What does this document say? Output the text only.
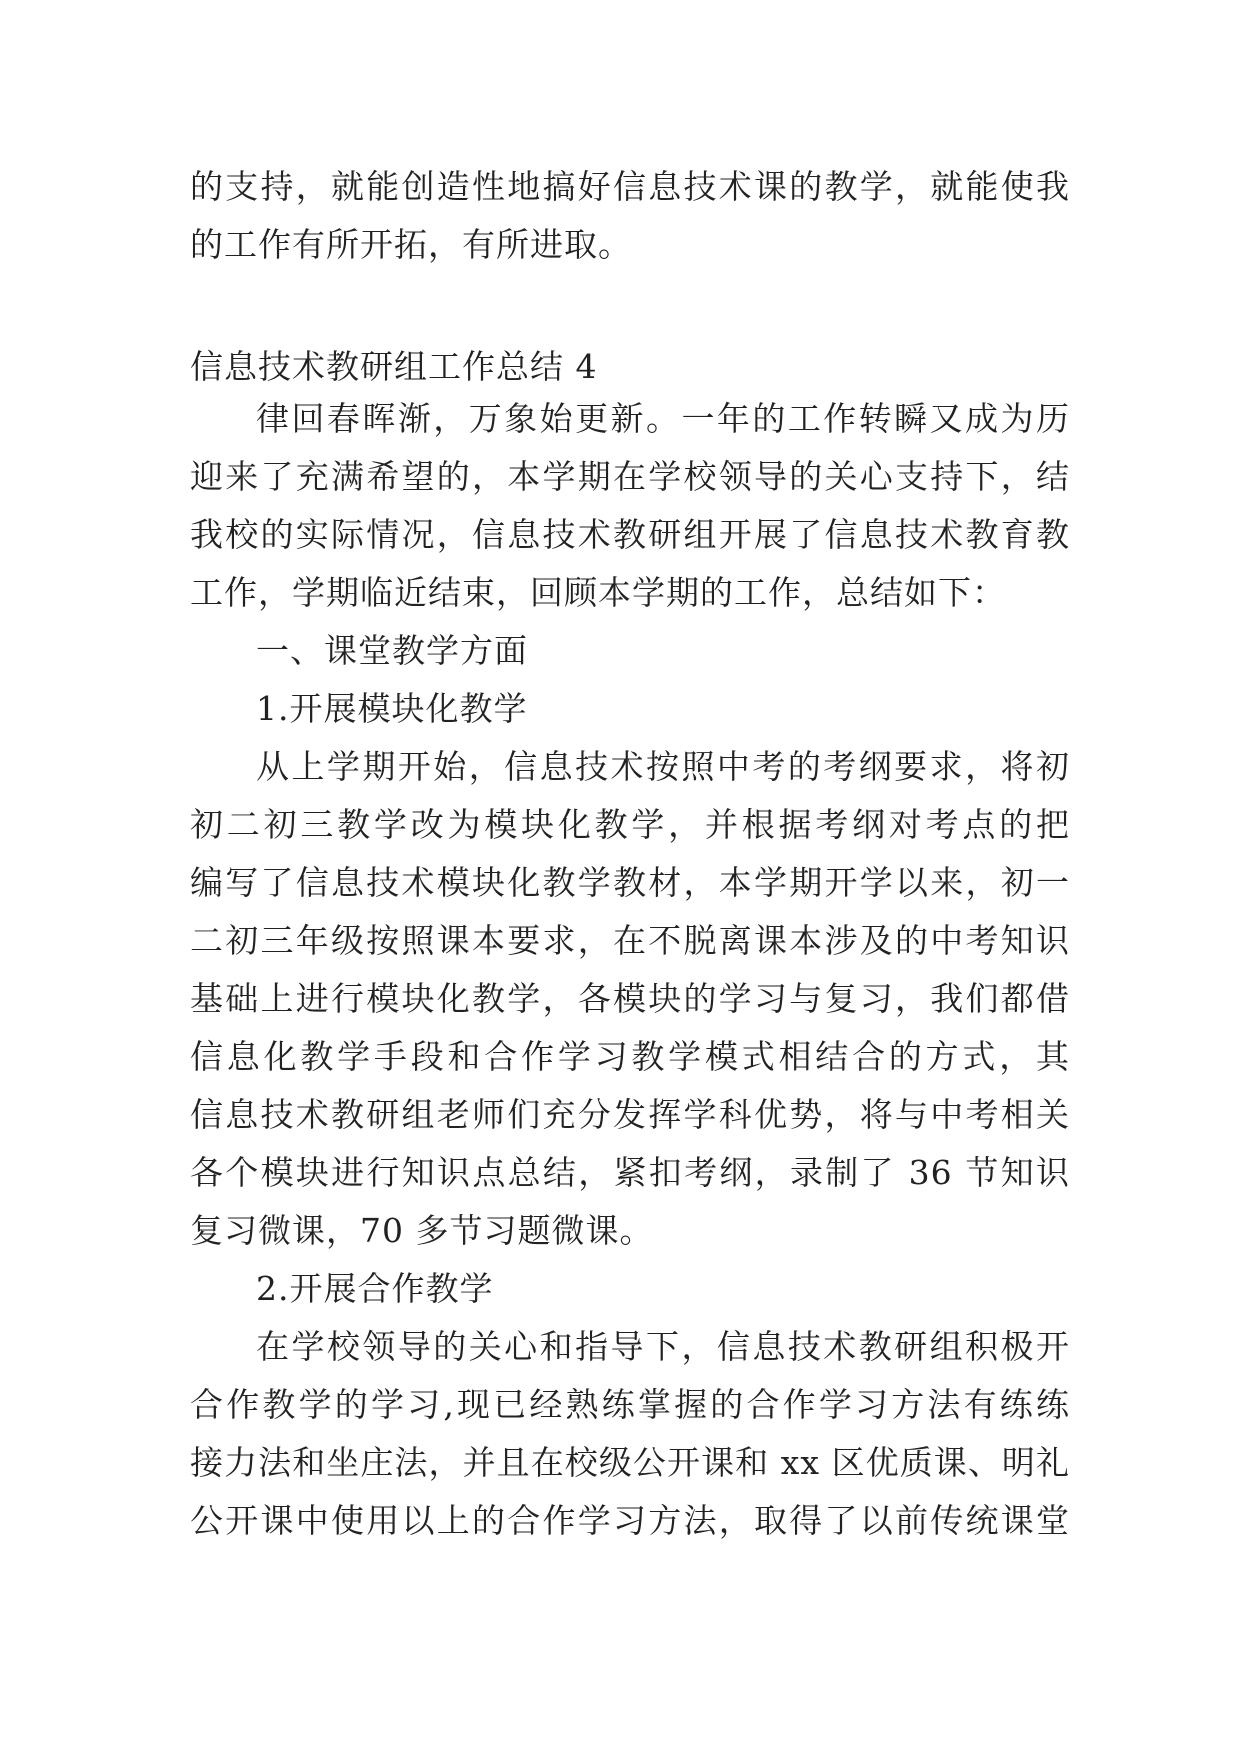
的支持，就能创造性地搞好信息技术课的教学，就能使我
的工作有所开拓，有所进取。
信息技术教研组工作总结 4
律回春晖渐，万象始更新。一年的工作转瞬又成为历
迎来了充满希望的，本学期在学校领导的关心支持下，结
我校的实际情况，信息技术教研组开展了信息技术教育教
工作，学期临近结束，回顾本学期的工作，总结如下：
一、课堂教学方面
1.开展模块化教学
从上学期开始，信息技术按照中考的考纲要求，将初
初二初三教学改为模块化教学，并根据考纲对考点的把
编写了信息技术模块化教学教材，本学期开学以来，初一
二初三年级按照课本要求，在不脱离课本涉及的中考知识
基础上进行模块化教学，各模块的学习与复习，我们都借
信息化教学手段和合作学习教学模式相结合的方式，其
信息技术教研组老师们充分发挥学科优势，将与中考相关
各个模块进行知识点总结，紧扣考纲，录制了 36 节知识
复习微课，70 多节习题微课。
2.开展合作教学
在学校领导的关心和指导下，信息技术教研组积极开
合作教学的学习,现已经熟练掌握的合作学习方法有练练
接力法和坐庄法，并且在校级公开课和 xx 区优质课、明礼
公开课中使用以上的合作学习方法，取得了以前传统课堂
